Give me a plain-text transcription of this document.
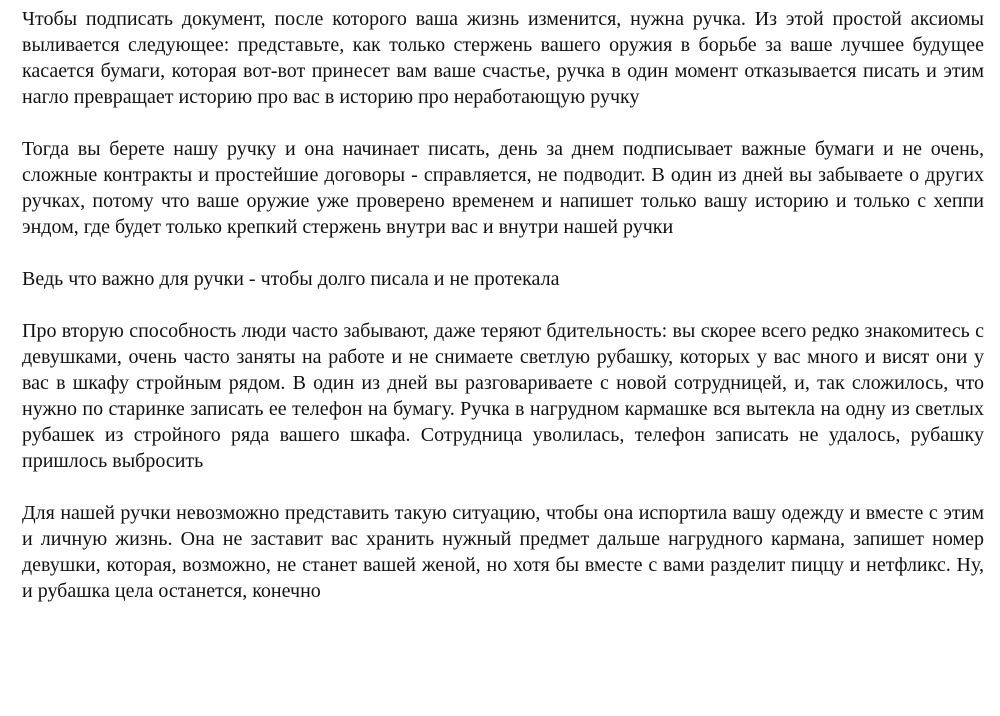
Чтобы подписать документ, после которого ваша жизнь изменится, нужна ручка. Из этой простой аксиомы выливается следующее: представьте, как только стержень вашего оружия в борьбе за ваше лучшее будущее касается бумаги, которая вот-вот принесет вам ваше счастье, ручка в один момент отказывается писать и этим нагло превращает историю про вас в историю про неработающую ручку

Тогда вы берете нашу ручку и она начинает писать, день за днем подписывает важные бумаги и не очень, сложные контракты и простейшие договоры - справляется, не подводит. В один из дней вы забываете о других ручках, потому что ваше оружие уже проверено временем и напишет только вашу историю и только с хеппи эндом, где будет только крепкий стержень внутри вас и внутри нашей ручки

Ведь что важно для ручки - чтобы долго писала и не протекала

Про вторую способность люди часто забывают, даже теряют бдительность: вы скорее всего редко знакомитесь с девушками, очень часто заняты на работе и не снимаете светлую рубашку, которых у вас много и висят они у вас в шкафу стройным рядом. В один из дней вы разговариваете с новой сотрудницей, и, так сложилось, что нужно по старинке записать ее телефон на бумагу. Ручка в нагрудном кармашке вся вытекла на одну из светлых рубашек из стройного ряда вашего шкафа. Сотрудница уволилась, телефон записать не удалось, рубашку пришлось выбросить

Для нашей ручки невозможно представить такую ситуацию, чтобы она испортила вашу одежду и вместе с этим и личную жизнь. Она не заставит вас хранить нужный предмет дальше нагрудного кармана, запишет номер девушки, которая, возможно, не станет вашей женой, но хотя бы вместе с вами разделит пиццу и нетфликс. Ну, и рубашка цела останется, конечно
